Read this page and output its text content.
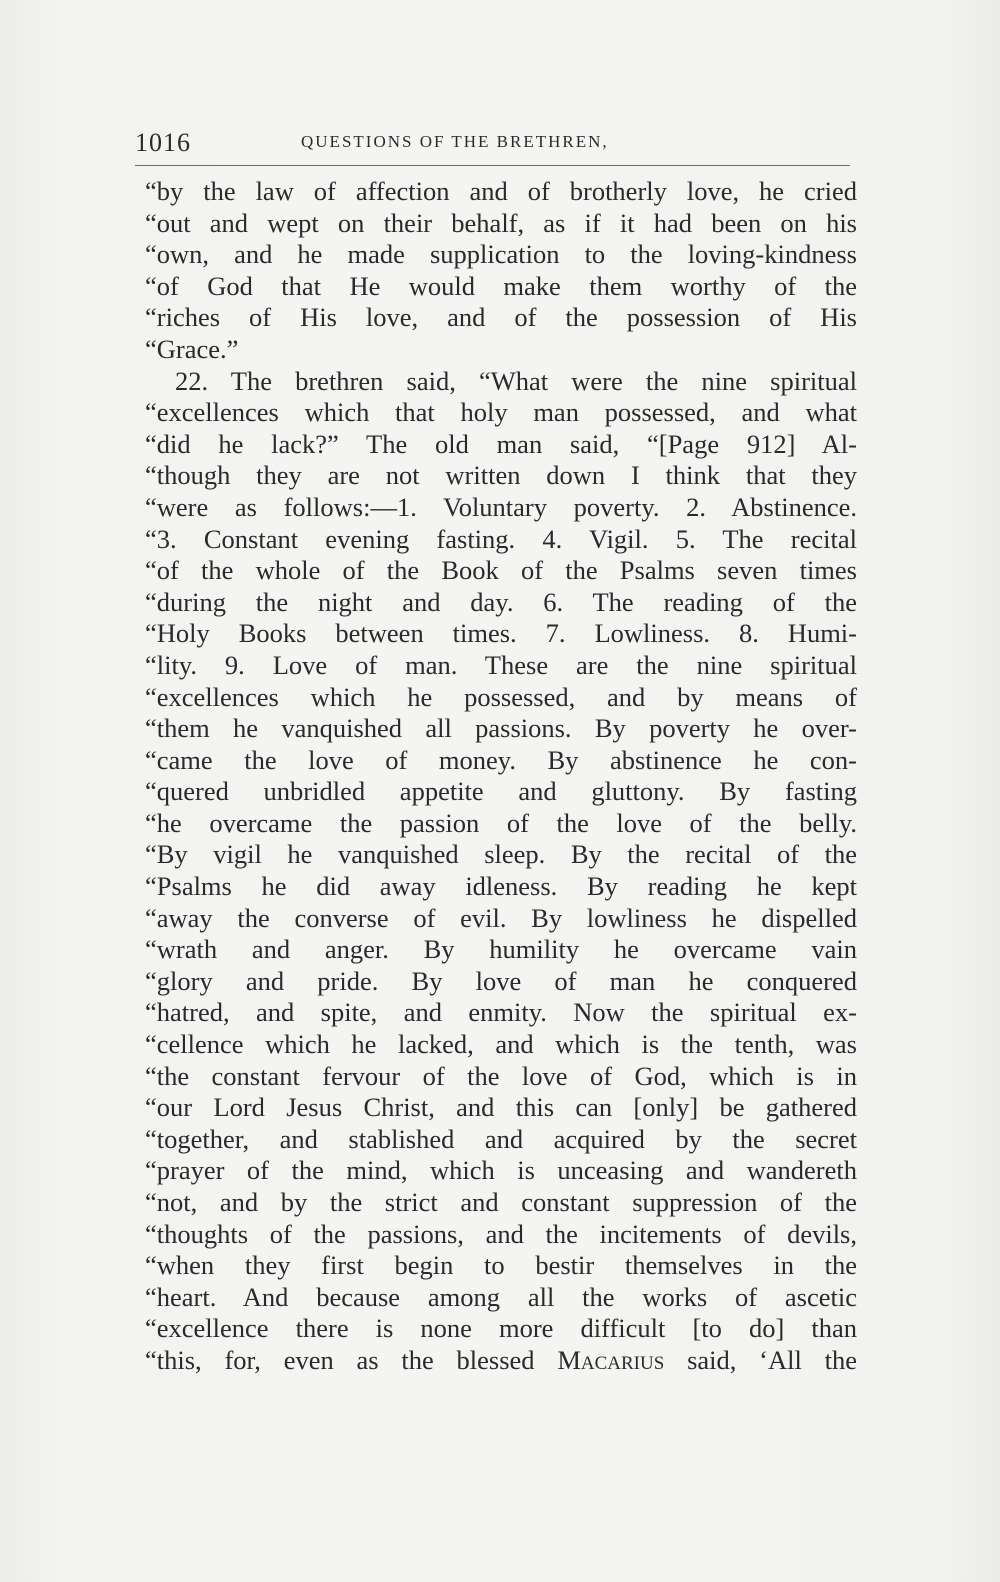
1016	QUESTIONS OF THE BRETHREN,
“by the law of affection and of brotherly love, he cried
“out and wept on their behalf, as if it had been on his
“own, and he made supplication to the loving-kindness
“of God that He would make them worthy of the
“riches of His love, and of the possession of His
“Grace.”
22. The brethren said, “What were the nine spiritual
“excellences which that holy man possessed, and what
“did he lack?” The old man said, “[Page 912] Al-
“though they are not written down I think that they
“were as follows:—1. Voluntary poverty. 2. Abstinence.
“3. Constant evening fasting. 4. Vigil. 5. The recital
“of the whole of the Book of the Psalms seven times
“during the night and day. 6. The reading of the
“Holy Books between times. 7. Lowliness. 8. Humi-
“lity. 9. Love of man. These are the nine spiritual
“excellences which he possessed, and by means of
“them he vanquished all passions. By poverty he over-
“came the love of money. By abstinence he con-
“quered unbridled appetite and gluttony. By fasting
“he overcame the passion of the love of the belly.
“By vigil he vanquished sleep. By the recital of the
“Psalms he did away idleness. By reading he kept
“away the converse of evil. By lowliness he dispelled
“wrath and anger. By humility he overcame vain
“glory and pride. By love of man he conquered
“hatred, and spite, and enmity. Now the spiritual ex-
“cellence which he lacked, and which is the tenth, was
“the constant fervour of the love of God, which is in
“our Lord Jesus Christ, and this can [only] be gathered
“together, and stablished and acquired by the secret
“prayer of the mind, which is unceasing and wandereth
“not, and by the strict and constant suppression of the
“thoughts of the passions, and the incitements of devils,
“when they first begin to bestir themselves in the
“heart. And because among all the works of ascetic
“excellence there is none more difficult [to do] than
“this, for, even as the blessed Macarius said, ‘All the
